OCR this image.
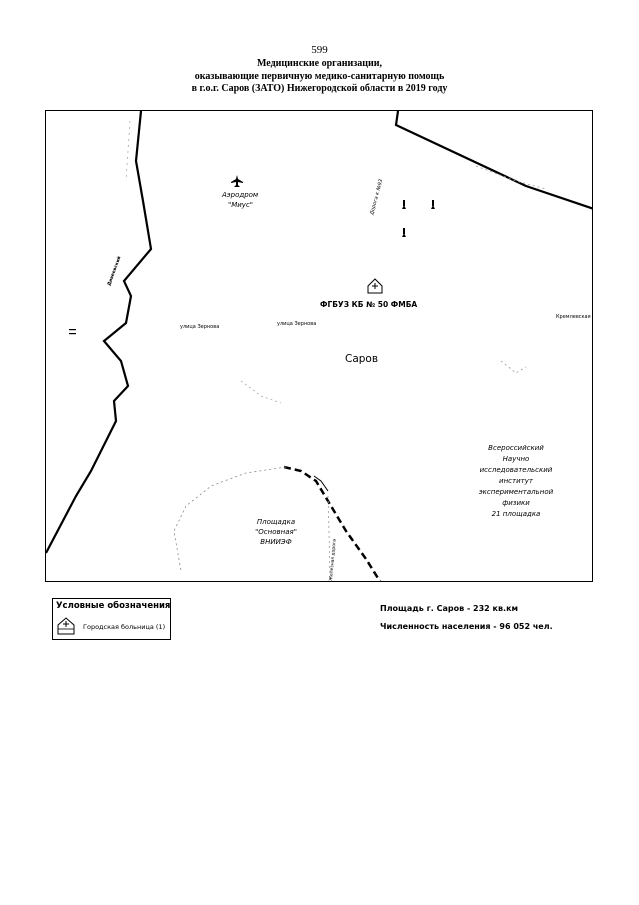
599
Медицинские организации,
оказывающие первичную медико-санитарную помощь
в г.о.г. Саров (ЗАТО) Нижегородской области в 2019 году
Аэродром
"Миус"	Дорога к №93
ФГБУЗ КБ № 50 ФМБА
Саров
улица Зернова	улица Зернова
Кремлевская
Дивеевский
Всероссийский
Научно
исследовательский
институт
экспериментальной
физики
21 площадка
Площадка
"Основная"
ВНИИЭФ	Железная дорога
Условные обозначения
Городская больница (1)
Площадь г. Саров - 232 кв.км
Численность населения - 96 052 чел.
